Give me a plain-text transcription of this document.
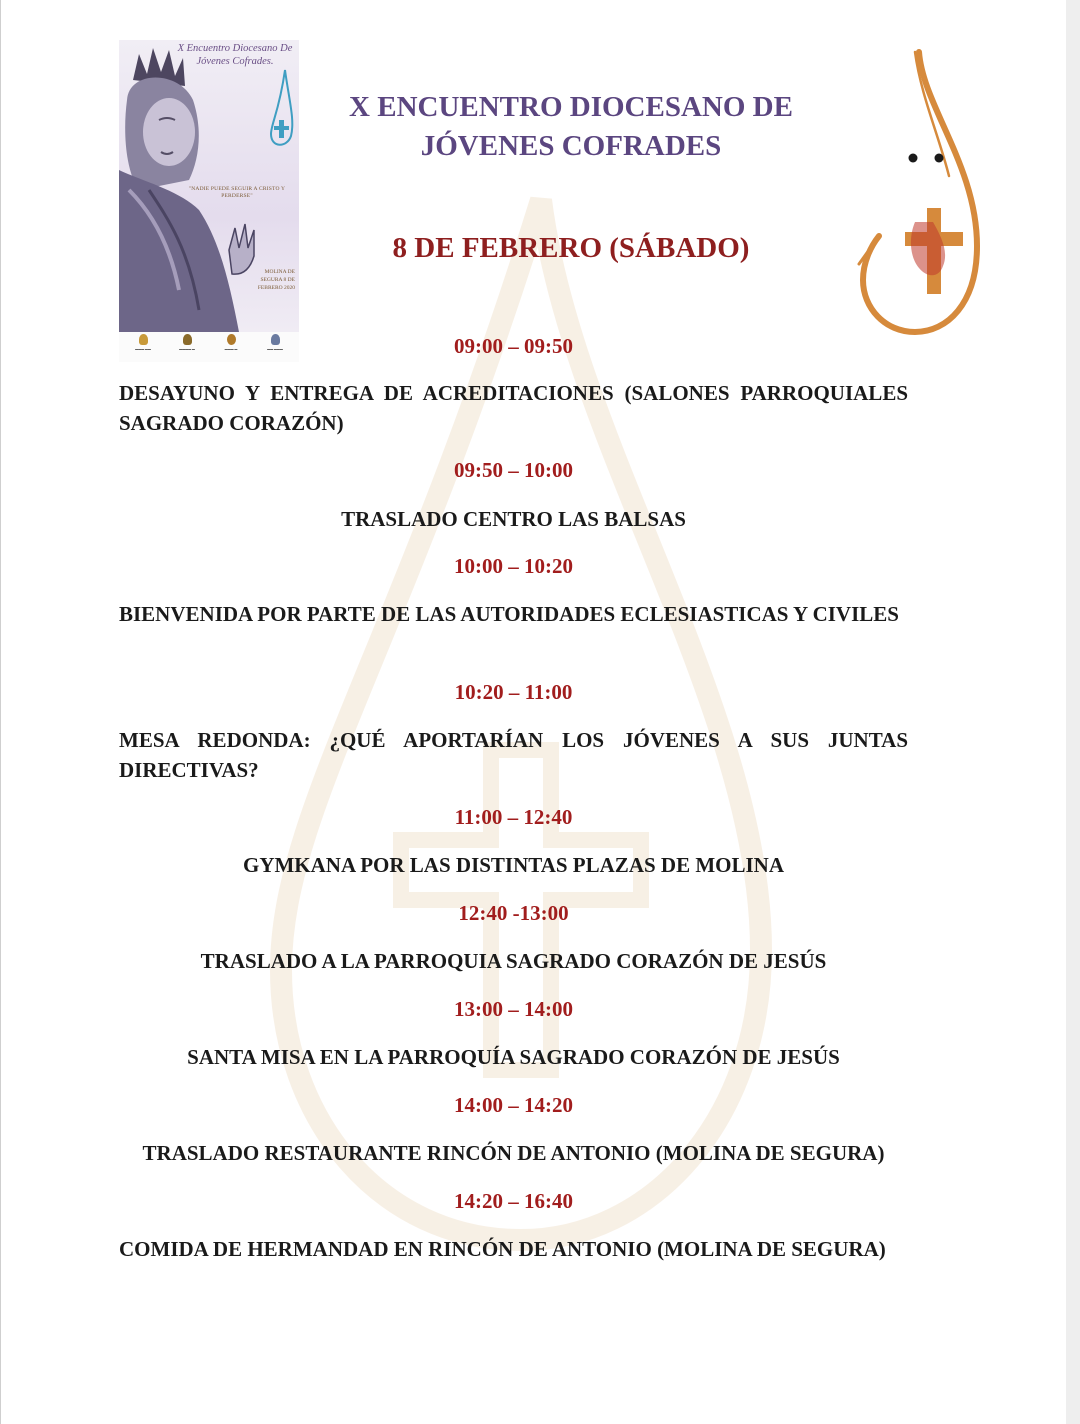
X Encuentro Diocesano De Jóvenes Cofrades.
"NADIE PUEDE SEGUIR A CRISTO Y PERDERSE"
MOLINA DE SEGURA 8 DE FEBRERO 2020
▬▬▬ ▬▬	▬▬▬▬ ▬	▬▬▬ ▬	▬▬ ▬▬▬
X ENCUENTRO DIOCESANO DE
JÓVENES COFRADES
8 DE FEBRERO (SÁBADO)
09:00 – 09:50
DESAYUNO Y ENTREGA DE ACREDITACIONES (SALONES PARROQUIALES SAGRADO CORAZÓN)
09:50 – 10:00
TRASLADO CENTRO LAS BALSAS
10:00 – 10:20
BIENVENIDA POR PARTE DE LAS AUTORIDADES ECLESIASTICAS Y CIVILES
10:20 – 11:00
MESA REDONDA: ¿QUÉ APORTARÍAN LOS JÓVENES A SUS JUNTAS DIRECTIVAS?
11:00 – 12:40
GYMKANA POR LAS DISTINTAS PLAZAS DE MOLINA
12:40 -13:00
TRASLADO A LA PARROQUIA SAGRADO CORAZÓN DE JESÚS
13:00 – 14:00
SANTA MISA EN LA PARROQUÍA SAGRADO CORAZÓN DE JESÚS
14:00 – 14:20
TRASLADO RESTAURANTE RINCÓN DE ANTONIO (MOLINA DE SEGURA)
14:20 – 16:40
COMIDA DE HERMANDAD EN RINCÓN DE ANTONIO (MOLINA DE SEGURA)
